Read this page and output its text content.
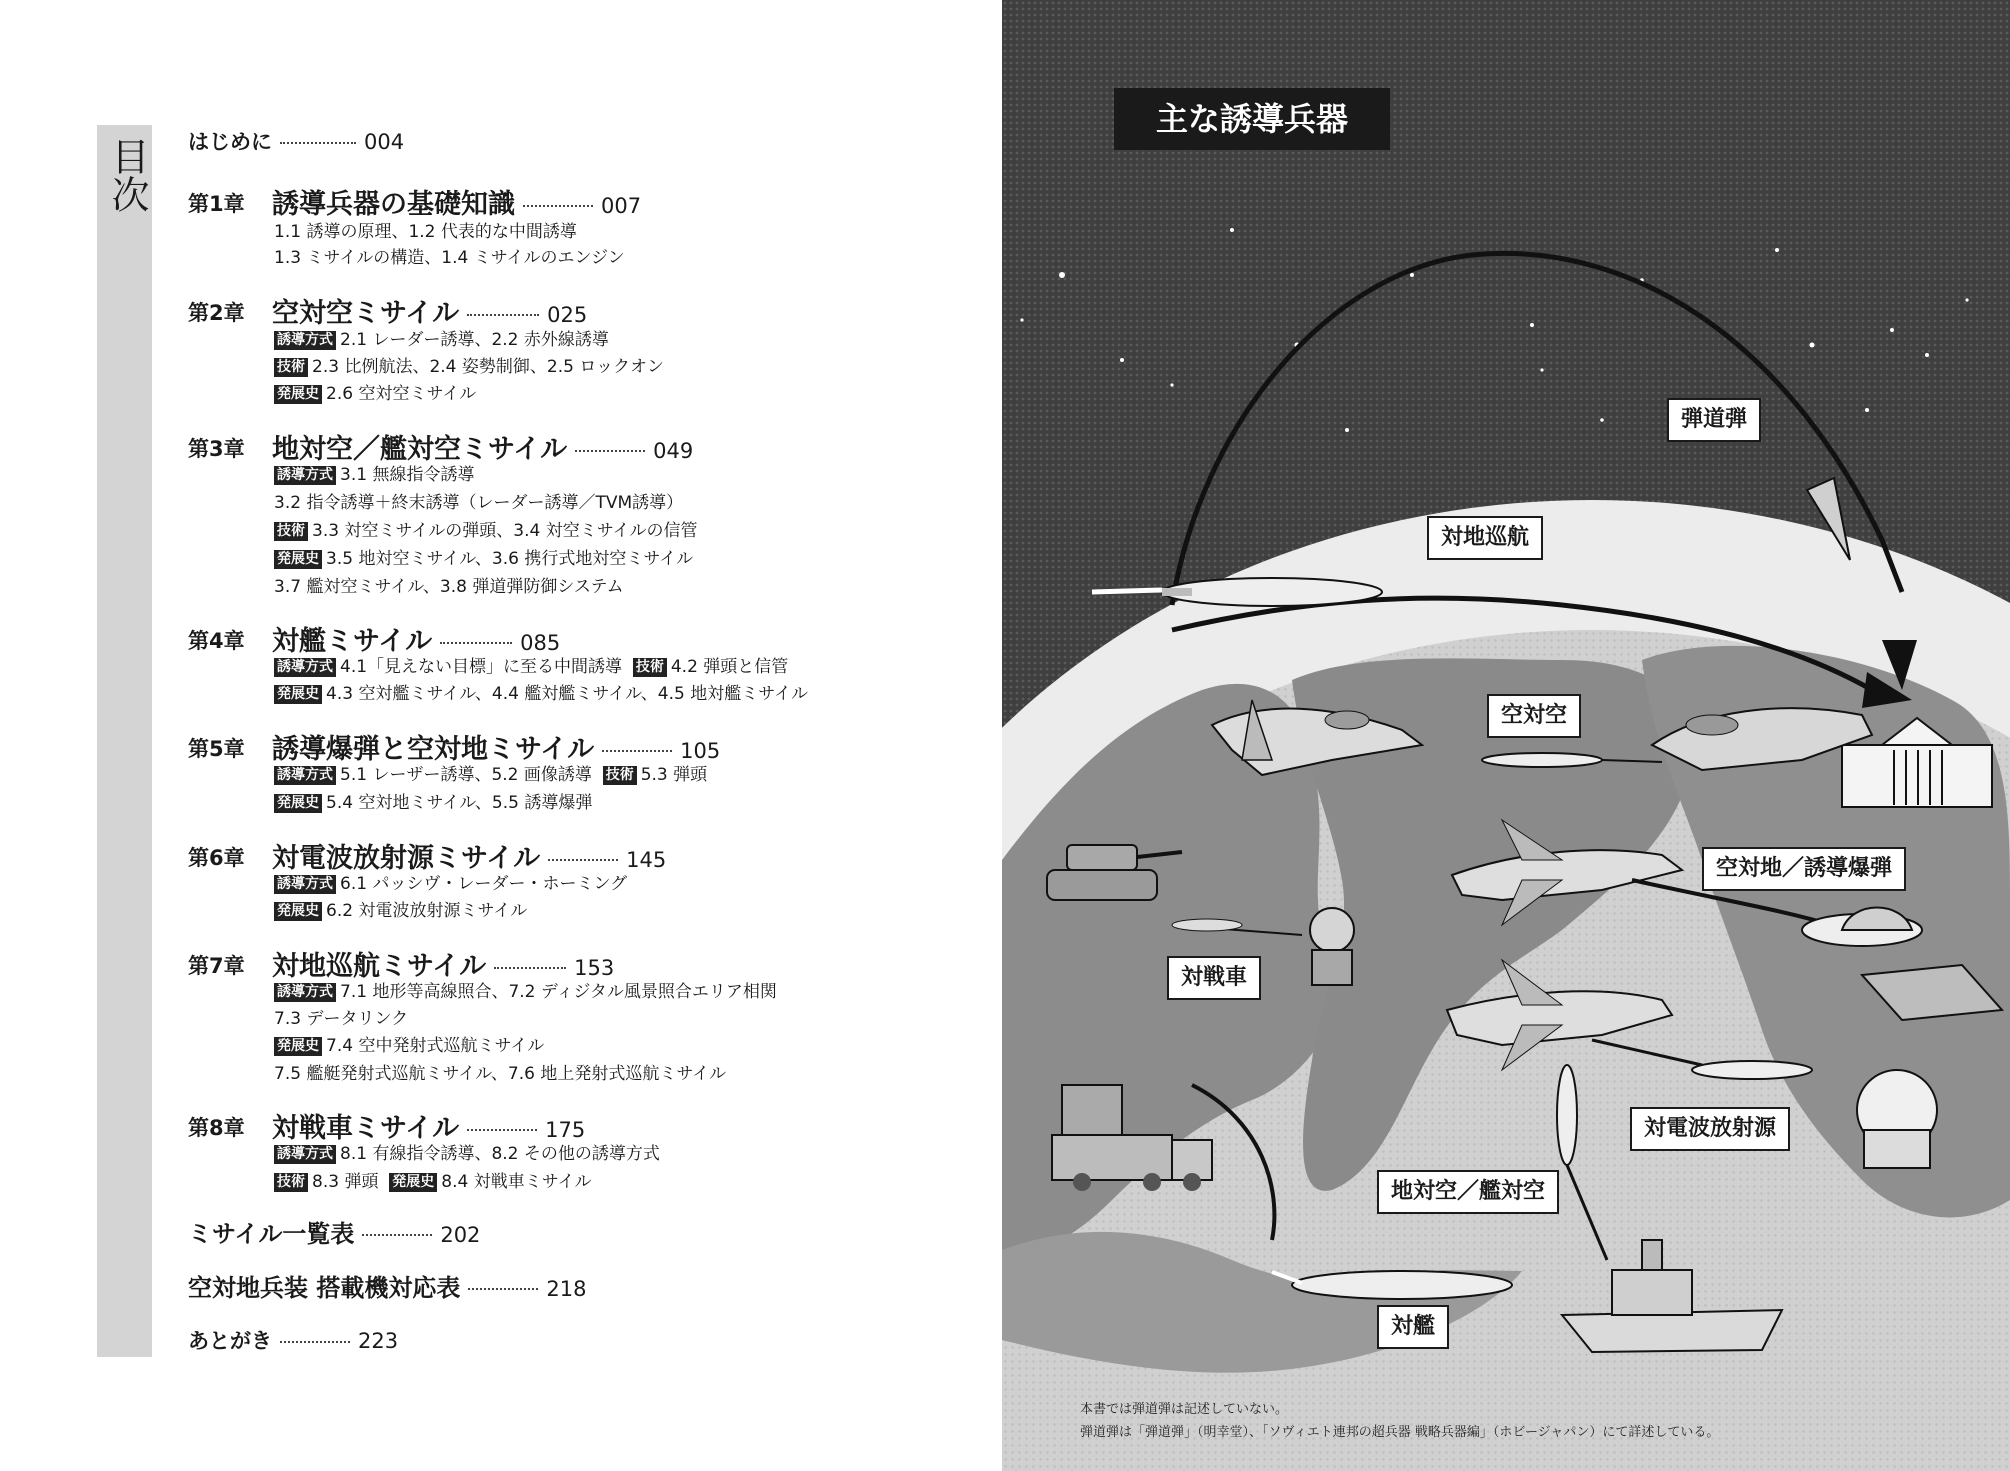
目次 はじめに	004
第1章 誘導兵器の基礎知識	007
1.1 誘導の原理、1.2 代表的な中間誘導
1.3 ミサイルの構造、1.4 ミサイルのエンジン
第2章 空対空ミサイル	025
誘導方式 2.1 レーダー誘導、2.2 赤外線誘導
技術 2.3 比例航法、2.4 姿勢制御、2.5 ロックオン
発展史 2.6 空対空ミサイル
第3章 地対空／艦対空ミサイル	049
誘導方式 3.1 無線指令誘導
3.2 指令誘導＋終末誘導（レーダー誘導／TVM誘導）
技術 3.3 対空ミサイルの弾頭、3.4 対空ミサイルの信管
発展史 3.5 地対空ミサイル、3.6 携行式地対空ミサイル
3.7 艦対空ミサイル、3.8 弾道弾防御システム
第4章 対艦ミサイル	085
誘導方式 4.1「見えない目標」に至る中間誘導 技術 4.2 弾頭と信管
発展史 4.3 空対艦ミサイル、4.4 艦対艦ミサイル、4.5 地対艦ミサイル
第5章 誘導爆弾と空対地ミサイル	105
誘導方式 5.1 レーザー誘導、5.2 画像誘導 技術 5.3 弾頭
発展史 5.4 空対地ミサイル、5.5 誘導爆弾
第6章 対電波放射源ミサイル	145
誘導方式 6.1 パッシヴ・レーダー・ホーミング
発展史 6.2 対電波放射源ミサイル
第7章 対地巡航ミサイル	153
誘導方式 7.1 地形等高線照合、7.2 ディジタル風景照合エリア相関
7.3 データリンク
発展史 7.4 空中発射式巡航ミサイル
7.5 艦艇発射式巡航ミサイル、7.6 地上発射式巡航ミサイル
第8章 対戦車ミサイル	175
誘導方式 8.1 有線指令誘導、8.2 その他の誘導方式
技術 8.3 弾頭 発展史 8.4 対戦車ミサイル
ミサイル一覧表	202
空対地兵装 搭載機対応表	218
あとがき	223
主な誘導兵器
弾道弾
対地巡航
空対空
空対地／誘導爆弾
対戦車
対電波放射源
地対空／艦対空
対艦
本書では弾道弾は記述していない。
弾道弾は「弾道弾」（明幸堂）、「ソヴィエト連邦の超兵器 戦略兵器編」（ホビージャパン）にて詳述している。
